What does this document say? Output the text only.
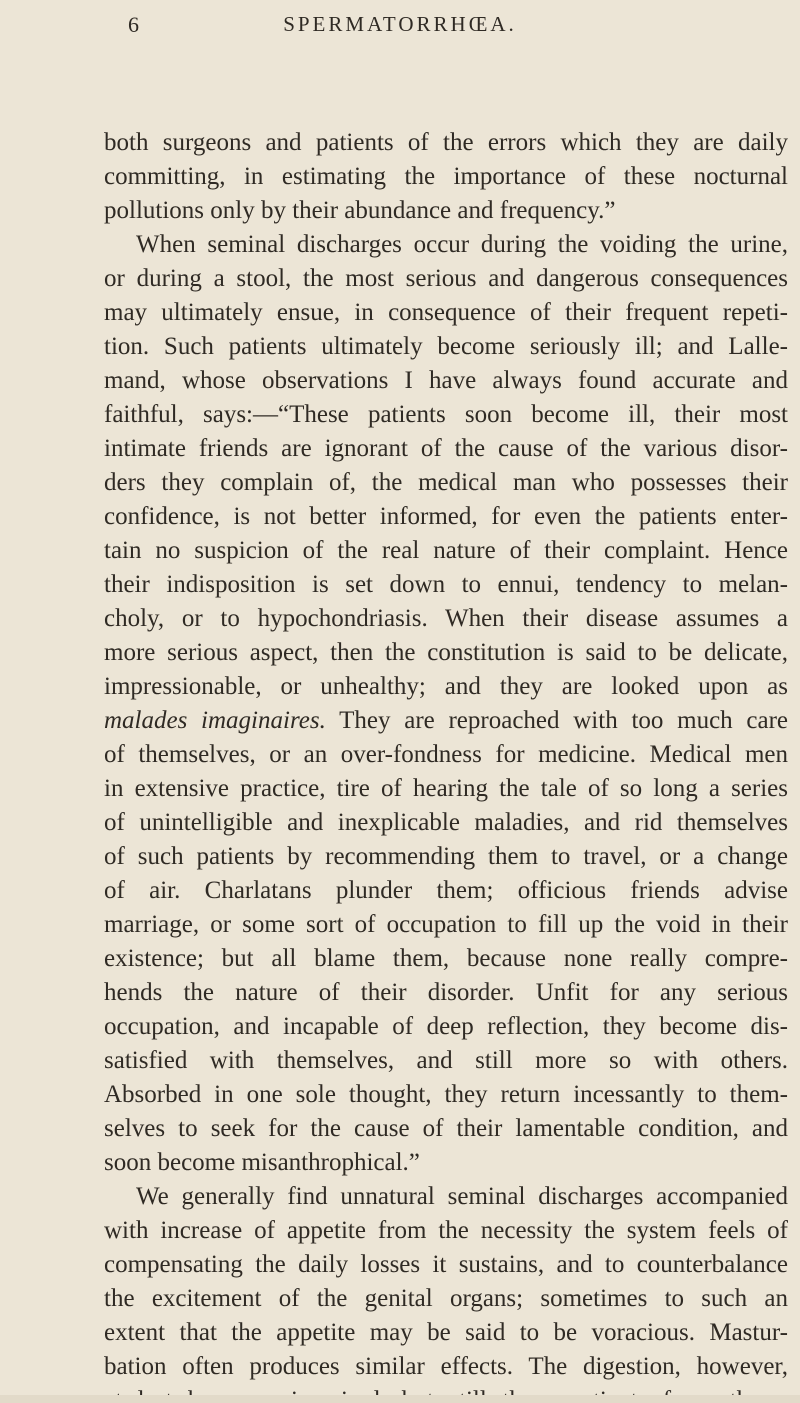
6	SPERMATORRHŒA.
both surgeons and patients of the errors which they are daily
committing, in estimating the importance of these nocturnal
pollutions only by their abundance and frequency.”
When seminal discharges occur during the voiding the urine,
or during a stool, the most serious and dangerous consequences
may ultimately ensue, in consequence of their frequent repeti-
tion. Such patients ultimately become seriously ill; and Lalle-
mand, whose observations I have always found accurate and
faithful, says:—“These patients soon become ill, their most
intimate friends are ignorant of the cause of the various disor-
ders they complain of, the medical man who possesses their
confidence, is not better informed, for even the patients enter-
tain no suspicion of the real nature of their complaint. Hence
their indisposition is set down to ennui, tendency to melan-
choly, or to hypochondriasis. When their disease assumes a
more serious aspect, then the constitution is said to be delicate,
impressionable, or unhealthy; and they are looked upon as
malades imaginaires. They are reproached with too much care
of themselves, or an over-fondness for medicine. Medical men
in extensive practice, tire of hearing the tale of so long a series
of unintelligible and inexplicable maladies, and rid themselves
of such patients by recommending them to travel, or a change
of air. Charlatans plunder them; officious friends advise
marriage, or some sort of occupation to fill up the void in their
existence; but all blame them, because none really compre-
hends the nature of their disorder. Unfit for any serious
occupation, and incapable of deep reflection, they become dis-
satisfied with themselves, and still more so with others.
Absorbed in one sole thought, they return incessantly to them-
selves to seek for the cause of their lamentable condition, and
soon become misanthrophical.”
We generally find unnatural seminal discharges accompanied
with increase of appetite from the necessity the system feels of
compensating the daily losses it sustains, and to counterbalance
the excitement of the genital organs; sometimes to such an
extent that the appetite may be said to be voracious. Mastur-
bation often produces similar effects. The digestion, however,
